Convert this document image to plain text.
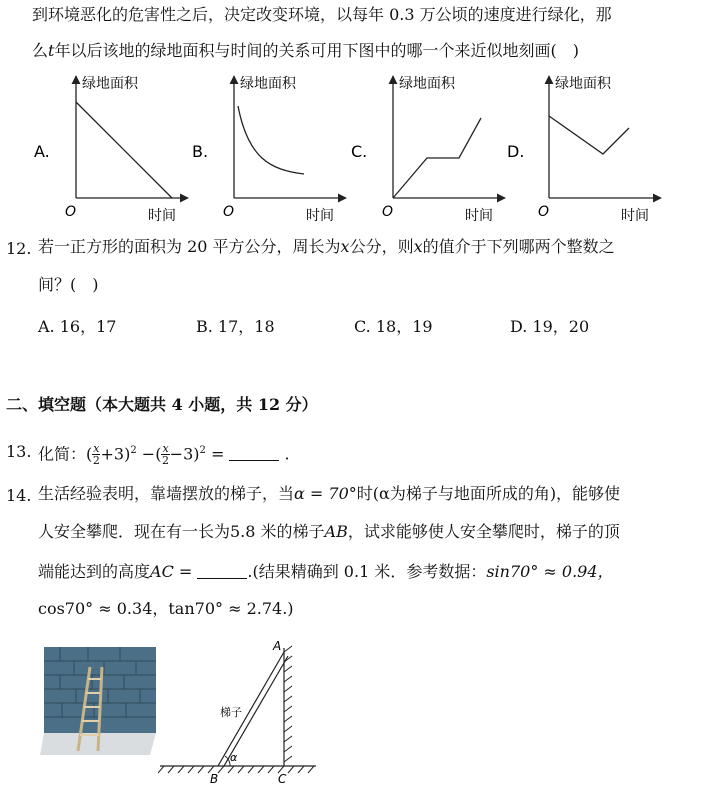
到环境恶化的危害性之后，决定改变环境，以每年 0.3 万公顷的速度进行绿化，那
么t年以后该地的绿地面积与时间的关系可用下图中的哪一个来近似地刻画(　)
A.
绿地面积
时间
O
B.
绿地面积
时间
O
C.
绿地面积
时间
O
D.
绿地面积
时间
O
12. 若一正方形的面积为 20 平方公分，周长为x公分，则x的值介于下列哪两个整数之
间？(　)
A. 16，17	B. 17，18	C. 18，19	D. 19，20
二、填空题（本大题共 4 小题，共 12 分）
13. 化简：( $\frac{x}{2} +3)^2$ −( $\frac{x}{2} -3)^2$ =	.
14. 生活经验表明，靠墙摆放的梯子，当α = 70°时(α为梯子与地面所成的角)，能够使
人安全攀爬．现在有一长为5.8 米的梯子AB，试求能够使人安全攀爬时，梯子的顶
端能达到的高度AC =	.(结果精确到 0.1 米．参考数据：sin70° ≈ 0.94，
cos70° ≈ 0.34，tan70° ≈ 2.74.)
A
B	C
α
梯子
